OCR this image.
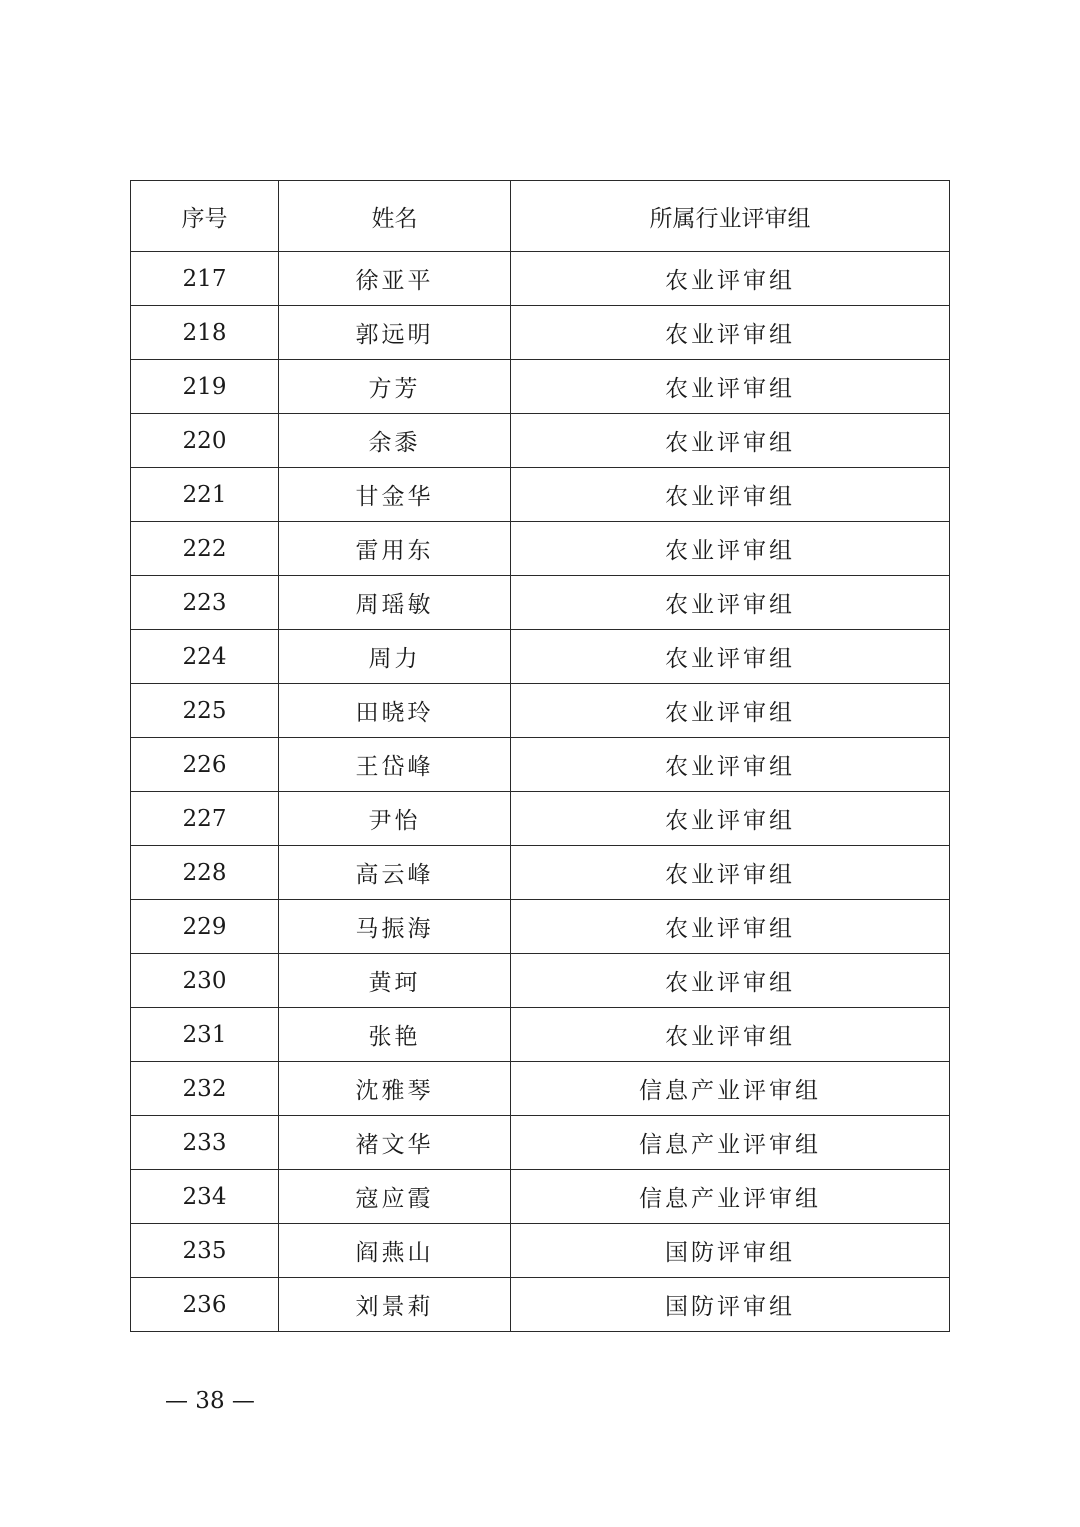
序号	姓名	所属行业评审组
217	徐亚平	农业评审组
218	郭远明	农业评审组
219	方芳	农业评审组
220	余黍	农业评审组
221	甘金华	农业评审组
222	雷用东	农业评审组
223	周瑶敏	农业评审组
224	周力	农业评审组
225	田晓玲	农业评审组
226	王岱峰	农业评审组
227	尹怡	农业评审组
228	高云峰	农业评审组
229	马振海	农业评审组
230	黄珂	农业评审组
231	张艳	农业评审组
232	沈雅琴	信息产业评审组
233	褚文华	信息产业评审组
234	寇应霞	信息产业评审组
235	阎燕山	国防评审组
236	刘景莉	国防评审组
— 38 —
